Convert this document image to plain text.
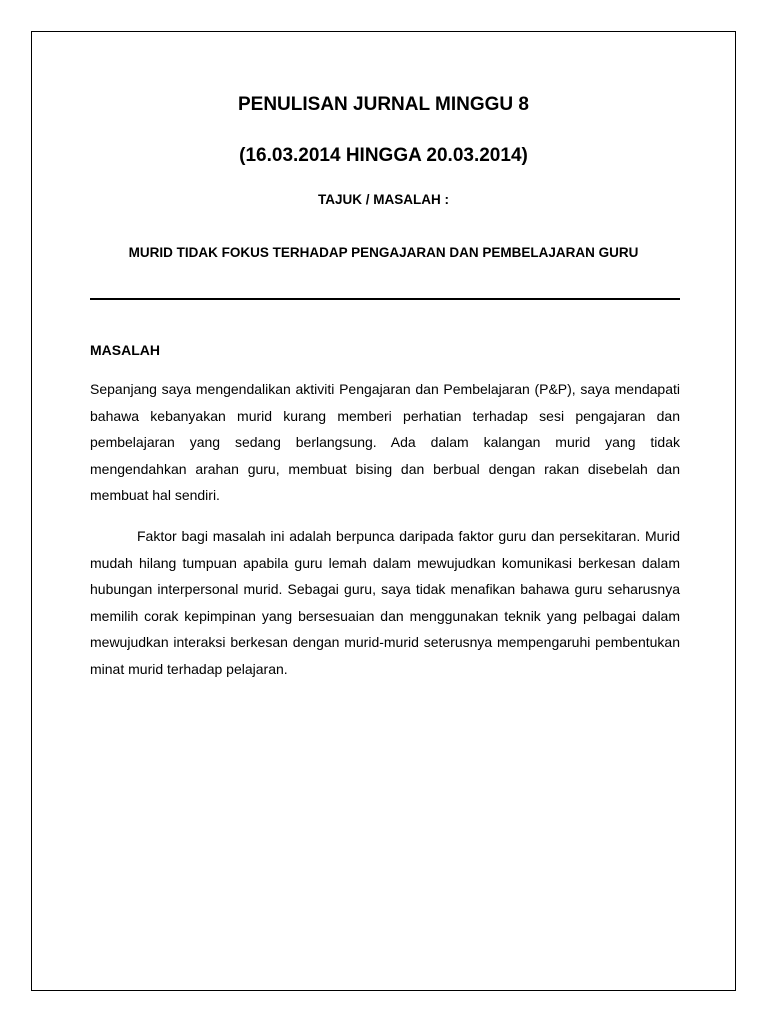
PENULISAN JURNAL MINGGU 8
(16.03.2014 HINGGA 20.03.2014)

TAJUK / MASALAH :

MURID TIDAK FOKUS TERHADAP PENGAJARAN DAN PEMBELAJARAN GURU

MASALAH

Sepanjang saya mengendalikan aktiviti Pengajaran dan Pembelajaran (P&P), saya mendapati bahawa kebanyakan murid kurang memberi perhatian terhadap sesi pengajaran dan pembelajaran yang sedang berlangsung. Ada dalam kalangan murid yang tidak mengendahkan arahan guru, membuat bising dan berbual dengan rakan disebelah dan membuat hal sendiri.

Faktor bagi masalah ini adalah berpunca daripada faktor guru dan persekitaran. Murid mudah hilang tumpuan apabila guru lemah dalam mewujudkan komunikasi berkesan dalam hubungan interpersonal murid. Sebagai guru, saya tidak menafikan bahawa guru seharusnya memilih corak kepimpinan yang bersesuaian dan menggunakan teknik yang pelbagai dalam mewujudkan interaksi berkesan dengan murid-murid seterusnya mempengaruhi pembentukan minat murid terhadap pelajaran.
